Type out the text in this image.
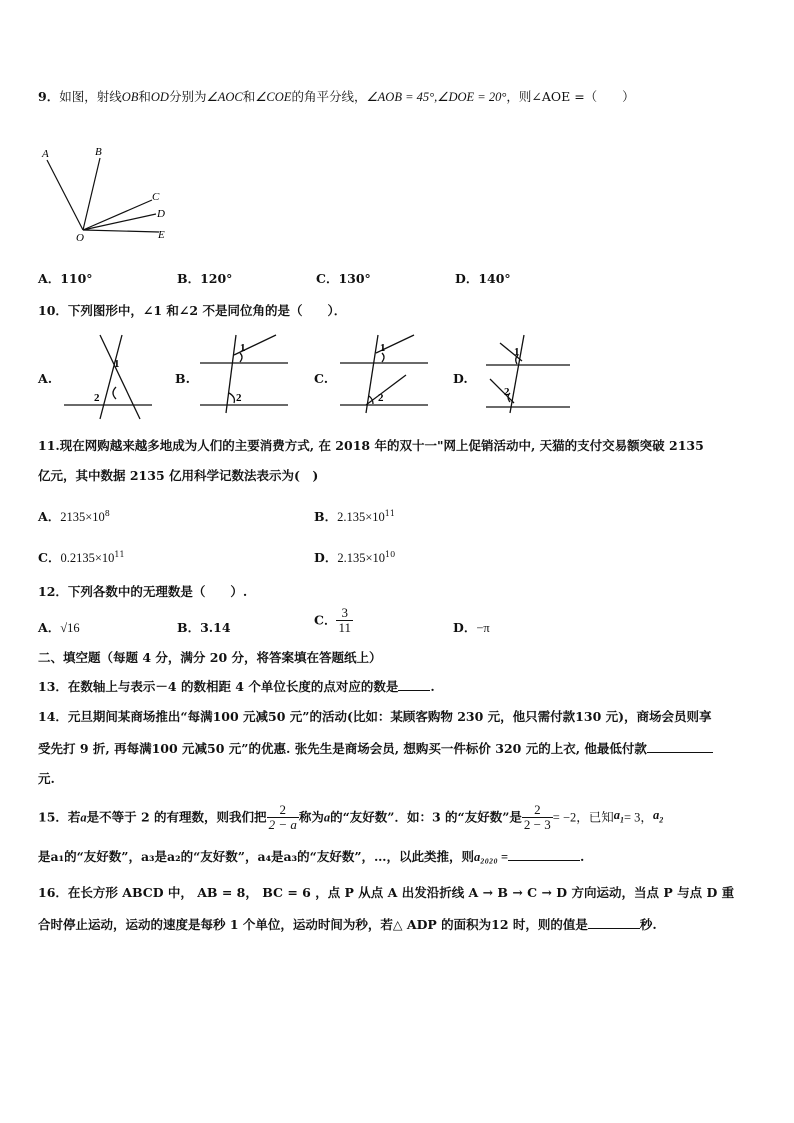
9．如图，射线OB和OD分别为∠AOC和∠COE的角平分线，∠AOB = 45°,∠DOE = 20°，则∠AOE =（　　）
A	B
C
D
E
O
A．110°	B．120°	C．130°	D．140°
10．下列图形中，∠1 和∠2 不是同位角的是（　　）．
A.
1
2
B.
1
2
C.
1
2
D.
1
2
11.现在网购越来越多地成为人们的主要消费方式, 在 2018 年的双十一"网上促销活动中, 天猫的支付交易额突破 2135
亿元，其中数据 2135 亿用科学记数法表示为(　)
A．$2135\times 10^8$	B．$2.135\times 10^{11}$
C．$0.2135\times 10^{11}$	D．$2.135\times 10^{10}$
12．下列各数中的无理数是（　　）.
A．√16	B．3.14	C． $\frac{3}{11}$	D．−π
二、填空题（每题 4 分，满分 20 分，将答案填在答题纸上）
13．在数轴上与表示－4 的数相距 4 个单位长度的点对应的数是	.
14．元旦期间某商场推出“每满100 元减50 元”的活动(比如：某顾客购物 230 元，他只需付款130 元)，商场会员则享
受先打 9 折, 再每满100 元减50 元”的优惠. 张先生是商场会员, 想购买一件标价 320 元的上衣, 他最低付款
元.
15．若a是不等于 2 的有理数，则我们把 $\frac{2}{2 - a}$ 称为a的“友好数”．如：3 的“友好数”是 $\frac{2}{2 - 3} = -2$，已知$a_1= 3$，$a_2$
是a₁的“友好数”，a₃是a₂的“友好数”，a₄是a₃的“友好数”，…，以此类推，则a₂₀₂₀ =	.
16．在长方形 ABCD 中， AB = 8， BC = 6 ，点 P 从点 A 出发沿折线 A → B → C → D 方向运动，当点 P 与点 D 重
合时停止运动，运动的速度是每秒 1 个单位，运动时间为秒，若△ ADP 的面积为12 时，则的值是	秒.
